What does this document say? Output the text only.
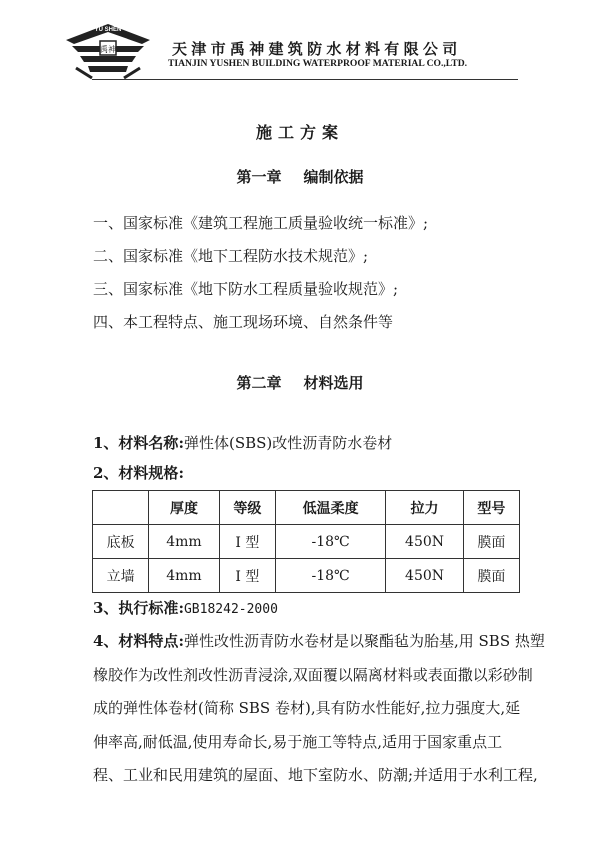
禹神
YU SHEN
天津市禹神建筑防水材料有限公司
TIANJIN YUSHEN BUILDING WATERPROOF MATERIAL CO.,LTD.
施工方案
第一章 编制依据
一、国家标准《建筑工程施工质量验收统一标准》;
二、国家标准《地下工程防水技术规范》;
三、国家标准《地下防水工程质量验收规范》;
四、本工程特点、施工现场环境、自然条件等
第二章 材料选用
1、材料名称:弹性体(SBS)改性沥青防水卷材
2、材料规格:
	厚度	等级	低温柔度	拉力	型号
底板	4mm	I 型	-18℃	450N	膜面
立墙	4mm	I 型	-18℃	450N	膜面
3、执行标准:GB18242-2000

4、材料特点:弹性改性沥青防水卷材是以聚酯毡为胎基,用 SBS 热塑

橡胶作为改性剂改性沥青浸涂,双面覆以隔离材料或表面撒以彩砂制

成的弹性体卷材(简称 SBS 卷材),具有防水性能好,拉力强度大,延

伸率高,耐低温,使用寿命长,易于施工等特点,适用于国家重点工

程、工业和民用建筑的屋面、地下室防水、防潮;并适用于水利工程,
